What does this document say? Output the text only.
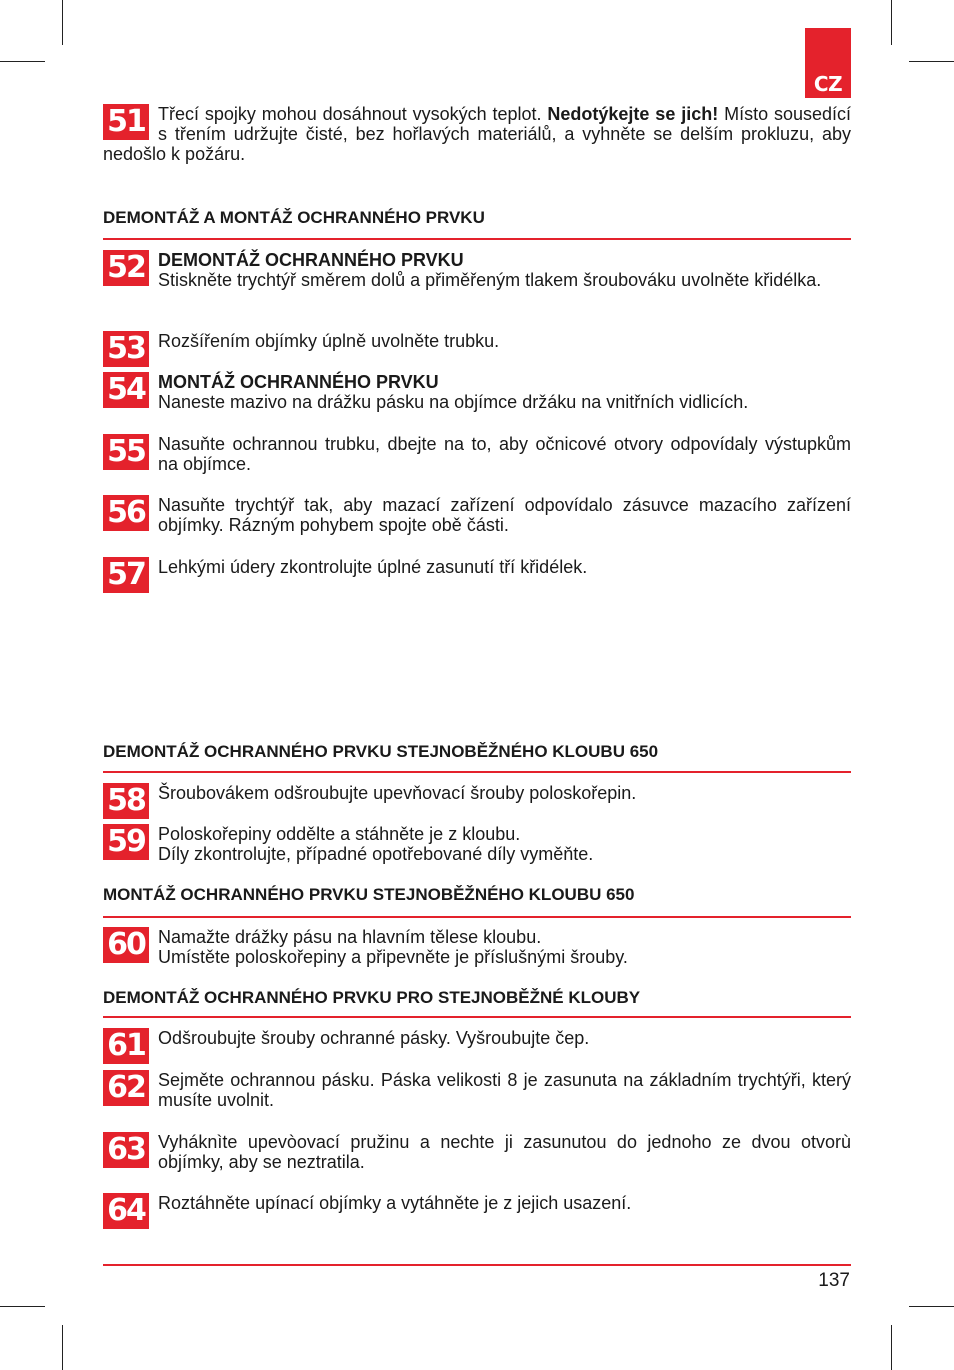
CZ
51 Třecí spojky mohou dosáhnout vysokých teplot. Nedotýkejte se jich! Místo sousedící s třením udržujte čisté, bez hořlavých materiálů, a vyhněte se delším prokluzu, aby nedošlo k požáru.

DEMONTÁŽ A MONTÁŽ OCHRANNÉHO PRVKU
52 DEMONTÁŽ OCHRANNÉHO PRVKU
Stiskněte trychtýř směrem dolů a přiměřeným tlakem šroubováku uvolněte křidélka.

53 Rozšířením objímky úplně uvolněte trubku.

54 MONTÁŽ OCHRANNÉHO PRVKU
Naneste mazivo na drážku pásku na objímce držáku na vnitřních vidlicích.

55 Nasuňte ochrannou trubku, dbejte na to, aby očnicové otvory odpovídaly výstupkům na objímce.

56 Nasuňte trychtýř tak, aby mazací zařízení odpovídalo zásuvce mazacího zařízení objímky. Rázným pohybem spojte obě části.

57 Lehkými údery zkontrolujte úplné zasunutí tří křidélek.

DEMONTÁŽ OCHRANNÉHO PRVKU STEJNOBĚŽNÉHO KLOUBU 650
58 Šroubovákem odšroubujte upevňovací šrouby poloskořepin.

59 Poloskořepiny oddělte a stáhněte je z kloubu.
Díly zkontrolujte, případné opotřebované díly vyměňte.

MONTÁŽ OCHRANNÉHO PRVKU STEJNOBĚŽNÉHO KLOUBU 650
60 Namažte drážky pásu na hlavním tělese kloubu.
Umístěte poloskořepiny a připevněte je příslušnými šrouby.

DEMONTÁŽ OCHRANNÉHO PRVKU PRO STEJNOBĚŽNÉ KLOUBY
61 Odšroubujte šrouby ochranné pásky. Vyšroubujte čep.

62 Sejměte ochrannou pásku. Páska velikosti 8 je zasunuta na základním trychtýři, který musíte uvolnit.

63 Vyháknìte upevòovací pružinu a nechte ji zasunutou do jednoho ze dvou otvorù objímky, aby se neztratila.

64 Roztáhněte upínací objímky a vytáhněte je z jejich usazení.

137
